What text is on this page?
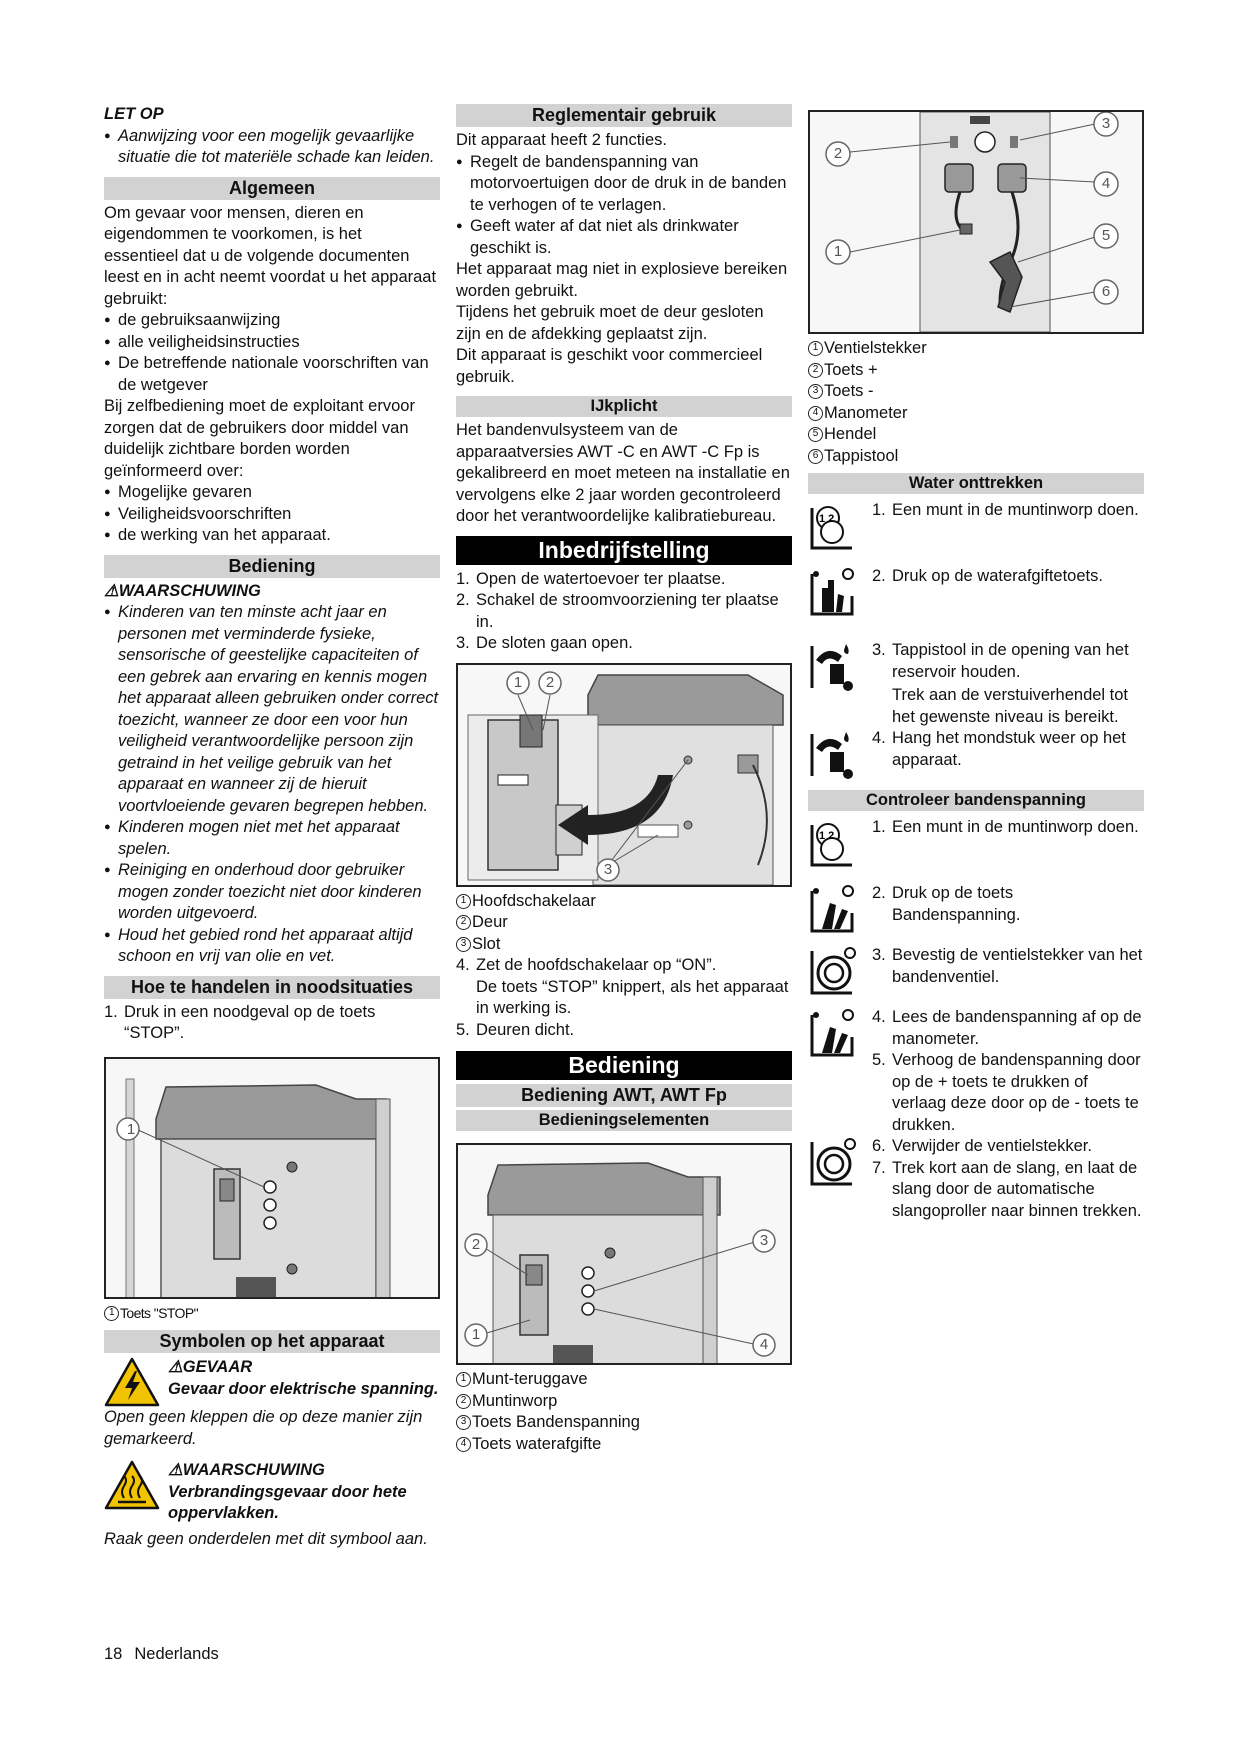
LET OP

● Aanwijzing voor een mogelijk gevaarlijke situatie die tot materiële schade kan leiden.

Algemeen

Om gevaar voor mensen, dieren en eigendommen te voorkomen, is het essentieel dat u de volgende documenten leest en in acht neemt voordat u het apparaat gebruikt:

● de gebruiksaanwijzing

● alle veiligheidsinstructies

● De betreffende nationale voorschriften van de wetgever

Bij zelfbediening moet de exploitant ervoor zorgen dat de gebruikers door middel van duidelijk zichtbare borden worden geïnformeerd over:

● Mogelijke gevaren

● Veiligheidsvoorschriften

● de werking van het apparaat.

Bediening

⚠WAARSCHUWING

● Kinderen van ten minste acht jaar en personen met verminderde fysieke, sensorische of geestelijke capaciteiten of een gebrek aan ervaring en kennis mogen het apparaat alleen gebruiken onder correct toezicht, wanneer ze door een voor hun veiligheid verantwoordelijke persoon zijn getraind in het veilige gebruik van het apparaat en wanneer zij de hieruit voortvloeiende gevaren begrepen hebben.

● Kinderen mogen niet met het apparaat spelen.

● Reiniging en onderhoud door gebruiker mogen zonder toezicht niet door kinderen worden uitgevoerd.

● Houd het gebied rond het apparaat altijd schoon en vrij van olie en vet.

Hoe te handelen in noodsituaties

1. Druk in een noodgeval op de toets “STOP”.

1

1 Toets "STOP"

Symbolen op het apparaat

⚠GEVAAR

Gevaar door elektrische spanning.

Open geen kleppen die op deze manier zijn gemarkeerd.

⚠WAARSCHUWING

Verbrandingsgevaar door hete oppervlakken.

Raak geen onderdelen met dit symbool aan.

Reglementair gebruik

Dit apparaat heeft 2 functies.

● Regelt de bandenspanning van motorvoertuigen door de druk in de banden te verhogen of te verlagen.

● Geeft water af dat niet als drinkwater geschikt is.

Het apparaat mag niet in explosieve bereiken worden gebruikt.

Tijdens het gebruik moet de deur gesloten zijn en de afdekking geplaatst zijn.

Dit apparaat is geschikt voor commercieel gebruik.

IJkplicht

Het bandenvulsysteem van de apparaatversies AWT -C en AWT -C Fp is gekalibreerd en moet meteen na installatie en vervolgens elke 2 jaar worden gecontroleerd door het verantwoordelijke kalibratiebureau.

Inbedrijfstelling

1. Open de watertoevoer ter plaatse.

2. Schakel de stroomvoorziening ter plaatse in.

3. De sloten gaan open.

1 2
3

1 Hoofdschakelaar

2 Deur

3 Slot

4. Zet de hoofdschakelaar op “ON”.

De toets “STOP” knippert, als het apparaat in werking is.

5. Deuren dicht.

Bediening
Bediening AWT, AWT Fp
Bedieningselementen
2	3
1
4

1 Munt-teruggave

2 Muntinworp

3 Toets Bandenspanning

4 Toets waterafgifte

2
3
4
5
1
6

1 Ventielstekker

2 Toets +

3 Toets -

4 Manometer

5 Hendel

6 Tappistool

Water onttrekken
1 2 1. Een munt in de muntinworp doen.
2. Druk op de waterafgiftetoets.

3. Tappistool in de opening van het reservoir houden.

Trek aan de verstuiverhendel tot het gewenste niveau is bereikt.

4. Hang het mondstuk weer op het apparaat.
Controleer bandenspanning
1 2 1. Een munt in de muntinworp doen.
2. Druk op de toets Bandenspanning.
3. Bevestig de ventielstekker van het bandenventiel.

4. Lees de bandenspanning af op de manometer.

5. Verhoog de bandenspanning door op de + toets te drukken of verlaag deze door op de - toets te drukken.

6. Verwijder de ventielstekker.

7. Trek kort aan de slang, en laat de slang door de automatische slangoproller naar binnen trekken.

18 Nederlands
